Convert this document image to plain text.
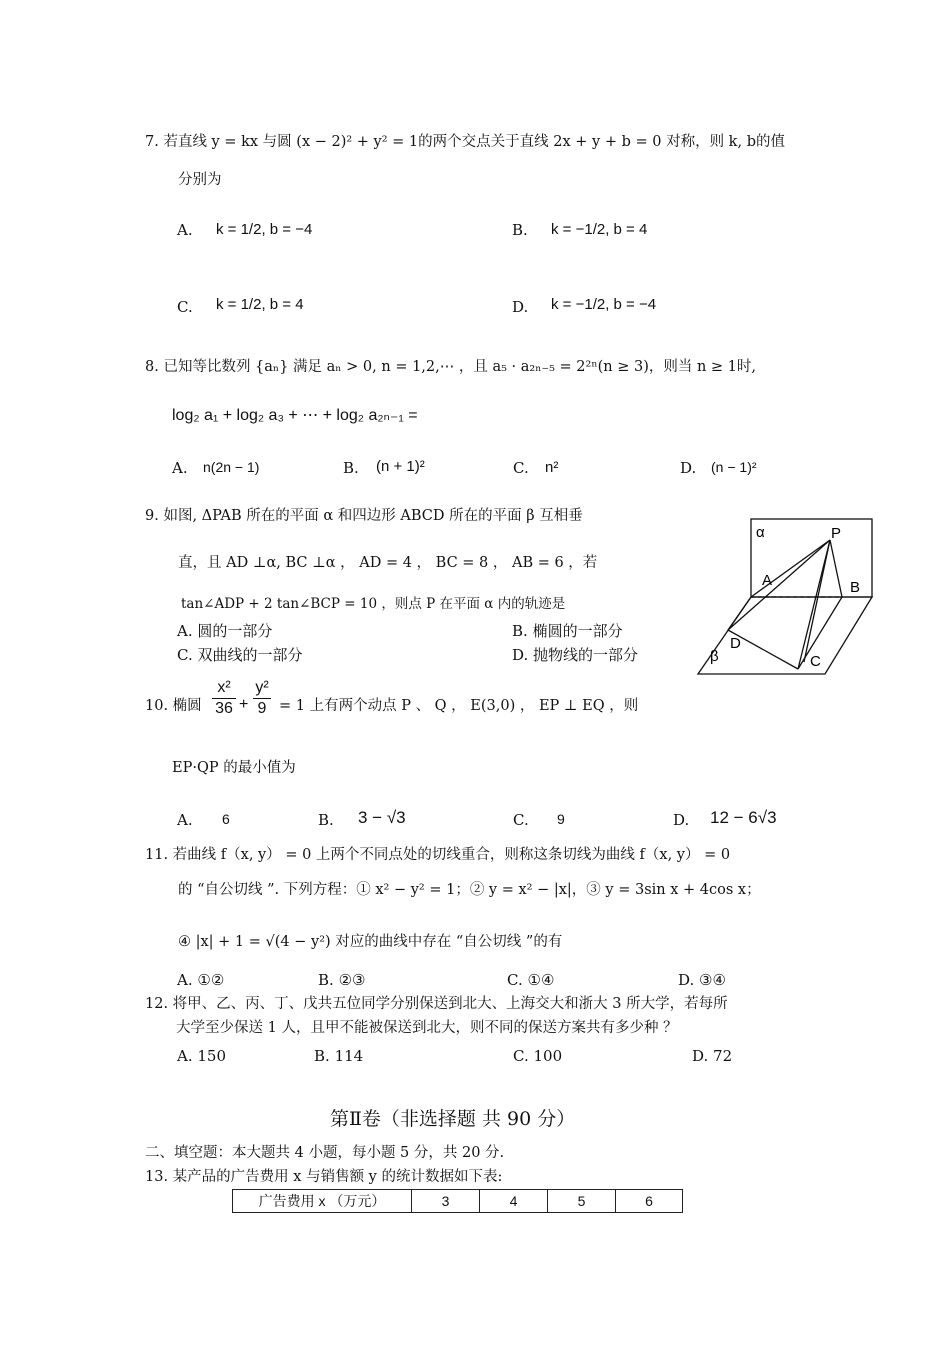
7. 若直线 y = kx 与圆 (x − 2)² + y² = 1的两个交点关于直线 2x + y + b = 0 对称，则 k, b的值
分别为
A. k = 1/2, b = −4	B. k = −1/2, b = 4
C. k = 1/2, b = 4	D. k = −1/2, b = −4
8. 已知等比数列 {aₙ} 满足 aₙ > 0, n = 1,2,⋯ ，且 a₅ · a₂ₙ₋₅ = 2²ⁿ(n ≥ 3)，则当 n ≥ 1时,
log₂ a₁ + log₂ a₃ + ⋯ + log₂ a₂ₙ₋₁ =
A. n(2n − 1)	B. (n + 1)²	C. n²	D. (n − 1)²
9. 如图, ΔPAB 所在的平面 α 和四边形 ABCD 所在的平面 β 互相垂
直，且 AD ⊥α, BC ⊥α ， AD = 4 ， BC = 8 ， AB = 6 ，若
tan∠ADP + 2 tan∠BCP = 10 ，则点 P 在平面 α 内的轨迹是
A. 圆的一部分	B. 椭圆的一部分
C. 双曲线的一部分	D. 抛物线的一部分
α	P
A	B
D
C
β
10. 椭圆
x²
36 +
y²
9 = 1 上有两个动点 P 、 Q ， E(3,0) ， EP ⊥ EQ ，则
EP·QP 的最小值为
A. 6	B. 3 − √3	C. 9	D. 12 − 6√3
11. 若曲线 f（x, y） = 0 上两个不同点处的切线重合，则称这条切线为曲线 f（x, y） = 0
的 “自公切线 ”. 下列方程：① x² − y² = 1；② y = x² − |x|，③ y = 3sin x + 4cos x；
④ |x| + 1 = √(4 − y²) 对应的曲线中存在 “自公切线 ”的有
A. ①②	B. ②③	C. ①④	D. ③④
12. 将甲、乙、丙、丁、戊共五位同学分别保送到北大、上海交大和浙大 3 所大学，若每所
大学至少保送 1 人，且甲不能被保送到北大，则不同的保送方案共有多少种 ？
A. 150	B. 114	C. 100	D. 72
第Ⅱ卷（非选择题 共 90 分）
二、填空题：本大题共 4 小题，每小题 5 分，共 20 分.
13. 某产品的广告费用 x 与销售额 y 的统计数据如下表:
广告费用 x （万元）	3	4	5	6
